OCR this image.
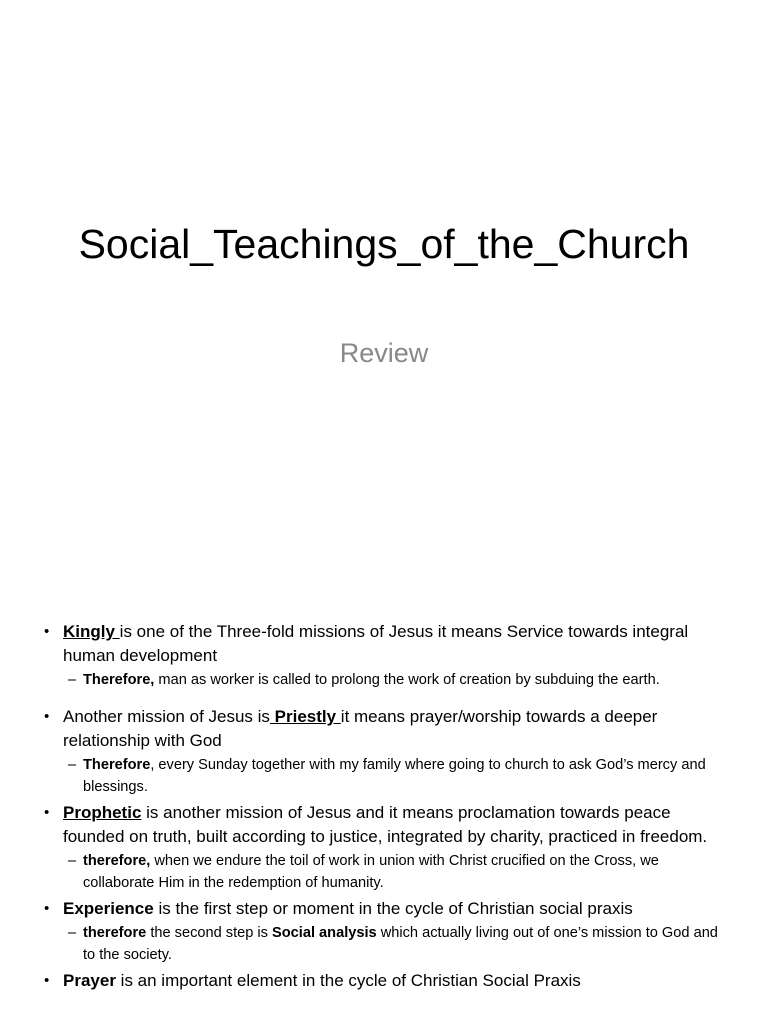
Social_Teachings_of_the_Church
Review
• Kingly is one of the Three-fold missions of Jesus it means Service towards integral human development
– Therefore, man as worker is called to prolong the work of creation by subduing the earth.
• Another mission of Jesus is Priestly it means prayer/worship towards a deeper relationship with God
– Therefore, every Sunday together with my family where going to church to ask God’s mercy and blessings.
• Prophetic is another mission of Jesus and it means proclamation towards peace founded on truth, built according to justice, integrated by charity, practiced in freedom.
– therefore, when we endure the toil of work in union with Christ crucified on the Cross, we collaborate Him in the redemption of humanity.
• Experience is the first step or moment in the cycle of Christian social praxis
– therefore the second step is Social analysis which actually living out of one’s mission to God and to the society.
• Prayer is an important element in the cycle of Christian Social Praxis
